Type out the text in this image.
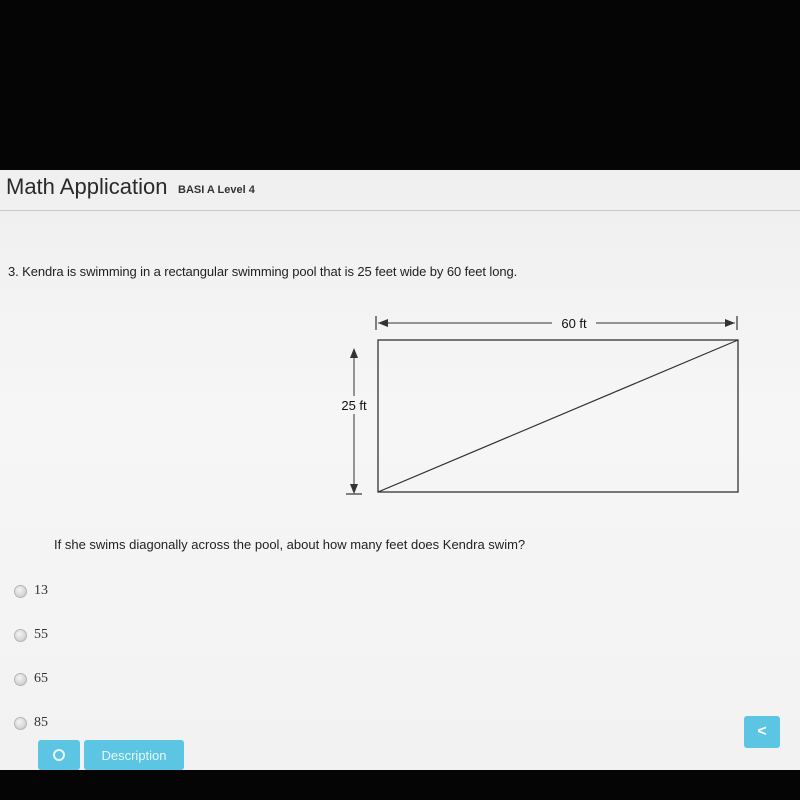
Math Application BASI A Level 4
3. Kendra is swimming in a rectangular swimming pool that is 25 feet wide by 60 feet long.
60 ft
25 ft
If she swims diagonally across the pool, about how many feet does Kendra swim?
13
55
65
85
Description
<
